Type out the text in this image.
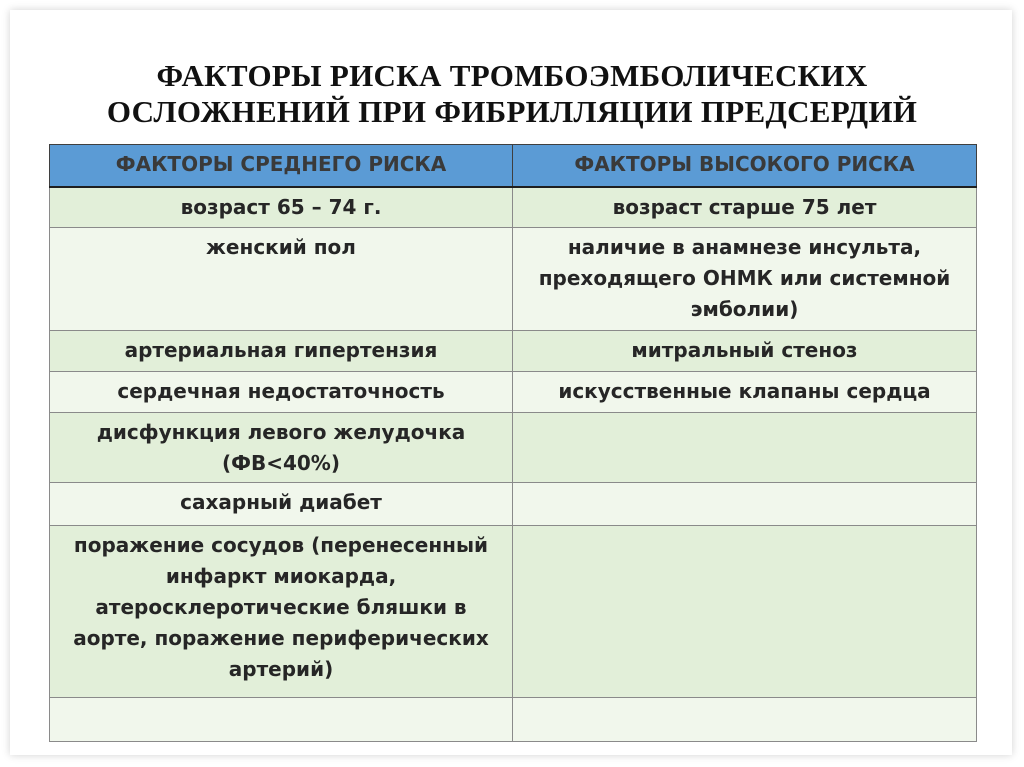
ФАКТОРЫ РИСКА ТРОМБОЭМБОЛИЧЕСКИХ
ОСЛОЖНЕНИЙ ПРИ ФИБРИЛЛЯЦИИ ПРЕДСЕРДИЙ
ФАКТОРЫ СРЕДНЕГО РИСКА	ФАКТОРЫ ВЫСОКОГО РИСКА
возраст 65 – 74 г.	возраст старше 75 лет
женский пол	наличие в анамнезе инсульта, преходящего ОНМК или системной эмболии)
артериальная гипертензия	митральный стеноз
сердечная недостаточность	искусственные клапаны сердца
дисфункция левого желудочка (ФВ<40%)	
сахарный диабет	
поражение сосудов (перенесенный инфаркт миокарда, атеросклеротические бляшки в аорте, поражение периферических артерий)	
